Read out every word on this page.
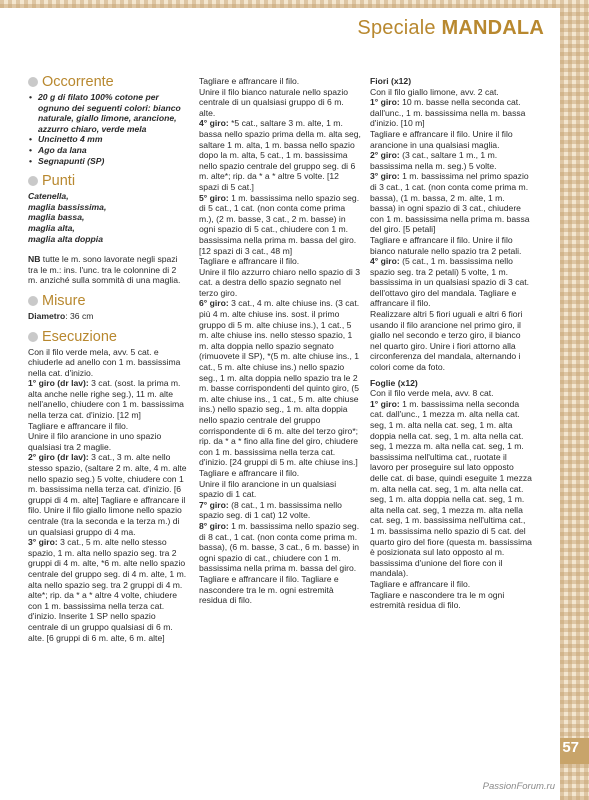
Speciale MANDALA
Occorrente
• 20 g di filato 100% cotone per ognuno dei seguenti colori: bianco naturale, giallo limone, arancione, azzurro chiaro, verde mela
• Uncinetto 4 mm
• Ago da lana
• Segnapunti (SP)
Punti
Catenella,
maglia bassissima,
maglia bassa,
maglia alta,
maglia alta doppia

NB tutte le m. sono lavorate negli spazi tra le m.: ins. l'unc. tra le colonnine di 2 m. anziché sulla sommità di una maglia.

Misure

Diametro: 36 cm

Esecuzione

Con il filo verde mela, avv. 5 cat. e chiuderle ad anello con 1 m. bassissima nella cat. d'inizio.

1° giro (dr lav): 3 cat. (sost. la prima m. alta anche nelle righe seg.), 11 m. alte nell'anello, chiudere con 1 m. bassissima nella terza cat. d'inizio. [12 m]

Tagliare e affrancare il filo.

Unire il filo arancione in uno spazio qualsiasi tra 2 maglie.

2° giro (dr lav): 3 cat., 3 m. alte nello stesso spazio, (saltare 2 m. alte, 4 m. alte nello spazio seg.) 5 volte, chiudere con 1 m. bassissima nella terza cat. d'inizio. [6 gruppi di 4 m. alte] Tagliare e affrancare il filo. Unire il filo giallo limone nello spazio centrale (tra la seconda e la terza m.) di un qualsiasi gruppo di 4 ma.

3° giro: 3 cat., 5 m. alte nello stesso spazio, 1 m. alta nello spazio seg. tra 2 gruppi di 4 m. alte, *6 m. alte nello spazio centrale del gruppo seg. di 4 m. alte, 1 m. alta nello spazio seg. tra 2 gruppi di 4 m. alte*; rip. da * a * altre 4 volte, chiudere con 1 m. bassissima nella terza cat. d'inizio. Inserite 1 SP nello spazio centrale di un gruppo qualsiasi di 6 m. alte. [6 gruppi di 6 m. alte, 6 m. alte]

Tagliare e affrancare il filo.

Unire il filo bianco naturale nello spazio centrale di un qualsiasi gruppo di 6 m. alte.

4° giro: *5 cat., saltare 3 m. alte, 1 m. bassa nello spazio prima della m. alta seg, saltare 1 m. alta, 1 m. bassa nello spazio dopo la m. alta, 5 cat., 1 m. bassissima nello spazio centrale del gruppo seg. di 6 m. alte*; rip. da * a * altre 5 volte. [12 spazi di 5 cat.]

5° giro: 1 m. bassissima nello spazio seg. di 5 cat., 1 cat. (non conta come prima m.), (2 m. basse, 3 cat., 2 m. basse) in ogni spazio di 5 cat., chiudere con 1 m. bassissima nella prima m. bassa del giro. [12 spazi di 3 cat., 48 m]

Tagliare e affrancare il filo.

Unire il filo azzurro chiaro nello spazio di 3 cat. a destra dello spazio segnato nel terzo giro.

6° giro: 3 cat., 4 m. alte chiuse ins. (3 cat. più 4 m. alte chiuse ins. sost. il primo gruppo di 5 m. alte chiuse ins.), 1 cat., 5 m. alte chiuse ins. nello stesso spazio, 1 m. alta doppia nello spazio segnato (rimuovete il SP), *(5 m. alte chiuse ins., 1 cat., 5 m. alte chiuse ins.) nello spazio seg., 1 m. alta doppia nello spazio tra le 2 m. basse corrispondenti del quinto giro, (5 m. alte chiuse ins., 1 cat., 5 m. alte chiuse ins.) nello spazio seg., 1 m. alta doppia nello spazio centrale del gruppo corrispondente di 6 m. alte del terzo giro*; rip. da * a * fino alla fine del giro, chiudere con 1 m. bassissima nella terza cat. d'inizio. [24 gruppi di 5 m. alte chiuse ins.]

Tagliare e affrancare il filo.

Unire il filo arancione in un qualsiasi spazio di 1 cat.

7° giro: (8 cat., 1 m. bassissima nello spazio seg. di 1 cat) 12 volte.

8° giro: 1 m. bassissima nello spazio seg. di 8 cat., 1 cat. (non conta come prima m. bassa), (6 m. basse, 3 cat., 6 m. basse) in ogni spazio di cat., chiudere con 1 m. bassissima nella prima m. bassa del giro.

Tagliare e affrancare il filo. Tagliare e nascondere tra le m. ogni estremità residua di filo.

Fiori (x12)

Con il filo giallo limone, avv. 2 cat.

1° giro: 10 m. basse nella seconda cat. dall'unc., 1 m. bassissima nella m. bassa d'inizio. [10 m]

Tagliare e affrancare il filo. Unire il filo arancione in una qualsiasi maglia.

2° giro: (3 cat., saltare 1 m., 1 m. bassissima nella m. seg.) 5 volte.

3° giro: 1 m. bassissima nel primo spazio di 3 cat., 1 cat. (non conta come prima m. bassa), (1 m. bassa, 2 m. alte, 1 m. bassa) in ogni spazio di 3 cat., chiudere con 1 m. bassissima nella prima m. bassa del giro. [5 petali]

Tagliare e affrancare il filo. Unire il filo bianco naturale nello spazio tra 2 petali.

4° giro: (5 cat., 1 m. bassissima nello spazio seg. tra 2 petali) 5 volte, 1 m. bassissima in un qualsiasi spazio di 3 cat. dell'ottavo giro del mandala. Tagliare e affrancare il filo.

Realizzare altri 5 fiori uguali e altri 6 fiori usando il filo arancione nel primo giro, il giallo nel secondo e terzo giro, il bianco nel quarto giro. Unire i fiori attorno alla circonferenza del mandala, alternando i colori come da foto.

Foglie (x12)

Con il filo verde mela, avv. 8 cat.

1° giro: 1 m. bassissima nella seconda cat. dall'unc., 1 mezza m. alta nella cat. seg, 1 m. alta nella cat. seg, 1 m. alta doppia nella cat. seg, 1 m. alta nella cat. seg, 1 mezza m. alta nella cat. seg, 1 m. bassissima nell'ultima cat., ruotate il lavoro per proseguire sul lato opposto delle cat. di base, quindi eseguite 1 mezza m. alta nella cat. seg, 1 m. alta nella cat. seg, 1 m. alta doppia nella cat. seg, 1 m. alta nella cat. seg, 1 mezza m. alta nella cat. seg, 1 m. bassissima nell'ultima cat., 1 m. bassissima nello spazio di 5 cat. del quarto giro del fiore (questa m. bassissima è posizionata sul lato opposto al m. bassissima d'unione del fiore con il mandala).

Tagliare e affrancare il filo.

Tagliare e nascondere tra le m ogni estremità residua di filo.

57
PassionForum.ru
